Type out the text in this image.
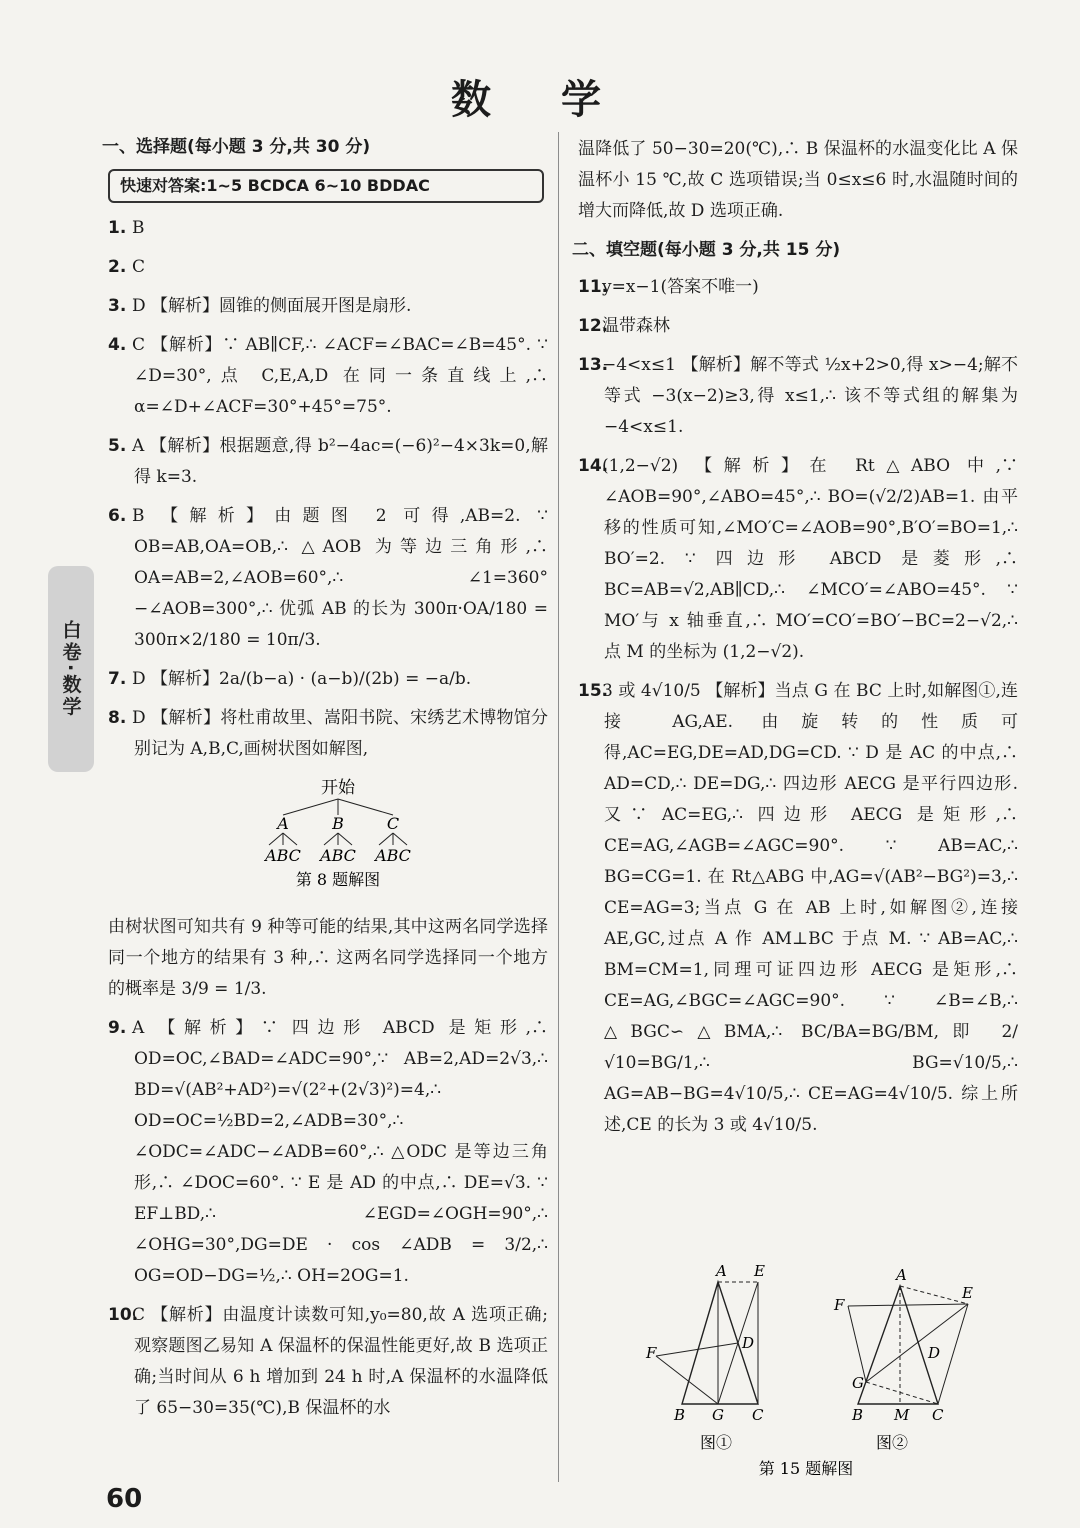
数 学
白卷·数学
一、选择题(每小题 3 分,共 30 分)
快速对答案:1~5 BCDCA 6~10 BDDAC
1. B
2. C
3. D 【解析】圆锥的侧面展开图是扇形.
4. C 【解析】∵ AB∥CF,∴ ∠ACF=∠BAC=∠B=45°. ∵ ∠D=30°,点 C,E,A,D 在同一条直线上,∴ α=∠D+∠ACF=30°+45°=75°.
5. A 【解析】根据题意,得 b²−4ac=(−6)²−4×3k=0,解得 k=3.
6. B 【解析】由题图 2 可得,AB=2. ∵ OB=AB,OA=OB,∴ △AOB 为等边三角形,∴ OA=AB=2,∠AOB=60°,∴ ∠1=360°−∠AOB=300°,∴ 优弧 AB 的长为 300π·OA/180 = 300π×2/180 = 10π/3.
7. D 【解析】2a/(b−a) · (a−b)/(2b) = −a/b.
8. D 【解析】将杜甫故里、嵩阳书院、宋绣艺术博物馆分别记为 A,B,C,画树状图如解图,
开始
A	B	C
ABC ABC ABC
第 8 题解图
由树状图可知共有 9 种等可能的结果,其中这两名同学选择同一个地方的结果有 3 种,∴ 这两名同学选择同一个地方的概率是 3/9 = 1/3.
9. A 【解析】∵ 四边形 ABCD 是矩形,∴ OD=OC,∠BAD=∠ADC=90°,∵ AB=2,AD=2√3,∴ BD=√(AB²+AD²)=√(2²+(2√3)²)=4,∴ OD=OC=½BD=2,∠ADB=30°,∴ ∠ODC=∠ADC−∠ADB=60°,∴ △ODC 是等边三角形,∴ ∠DOC=60°. ∵ E 是 AD 的中点,∴ DE=√3. ∵ EF⊥BD,∴ ∠EGD=∠OGH=90°,∴ ∠OHG=30°,DG=DE · cos ∠ADB = 3/2,∴ OG=OD−DG=½,∴ OH=2OG=1.
10.C 【解析】由温度计读数可知,y₀=80,故 A 选项正确;观察题图乙易知 A 保温杯的保温性能更好,故 B 选项正确;当时间从 6 h 增加到 24 h 时,A 保温杯的水温降低了 65−30=35(℃),B 保温杯的水
温降低了 50−30=20(℃),∴ B 保温杯的水温变化比 A 保温杯小 15 ℃,故 C 选项错误;当 0≤x≤6 时,水温随时间的增大而降低,故 D 选项正确.
二、填空题(每小题 3 分,共 15 分)
11.y=x−1(答案不唯一)
12.温带森林
13.−4<x≤1 【解析】解不等式 ½x+2>0,得 x>−4;解不等式 −3(x−2)≥3,得 x≤1,∴ 该不等式组的解集为 −4<x≤1.
14.(1,2−√2) 【解析】在 Rt△ABO 中,∵ ∠AOB=90°,∠ABO=45°,∴ BO=(√2/2)AB=1. 由平移的性质可知,∠MO′C=∠AOB=90°,B′O′=BO=1,∴ BO′=2. ∵ 四边形 ABCD 是菱形,∴ BC=AB=√2,AB∥CD,∴ ∠MCO′=∠ABO=45°. ∵ MO′与 x 轴垂直,∴ MO′=CO′=BO′−BC=2−√2,∴ 点 M 的坐标为 (1,2−√2).
15.3 或 4√10/5 【解析】当点 G 在 BC 上时,如解图①,连接 AG,AE. 由旋转的性质可得,AC=EG,DE=AD,DG=CD. ∵ D 是 AC 的中点,∴ AD=CD,∴ DE=DG,∴ 四边形 AECG 是平行四边形. 又∵ AC=EG,∴ 四边形 AECG 是矩形,∴ CE=AG,∠AGB=∠AGC=90°. ∵ AB=AC,∴ BG=CG=1. 在 Rt△ABG 中,AG=√(AB²−BG²)=3,∴ CE=AG=3;当点 G 在 AB 上时,如解图②,连接 AE,GC,过点 A 作 AM⊥BC 于点 M. ∵ AB=AC,∴ BM=CM=1,同理可证四边形 AECG 是矩形,∴ CE=AG,∠BGC=∠AGC=90°. ∵ ∠B=∠B,∴ △BGC∽△BMA,∴ BC/BA=BG/BM,即 2/√10=BG/1,∴ BG=√10/5,∴ AG=AB−BG=4√10/5,∴ CE=AG=4√10/5. 综上所述,CE 的长为 3 或 4√10/5.
A E
F
D
B G C
图①
A
E
F
D
B
G
C
M
图②
第 15 题解图
60
